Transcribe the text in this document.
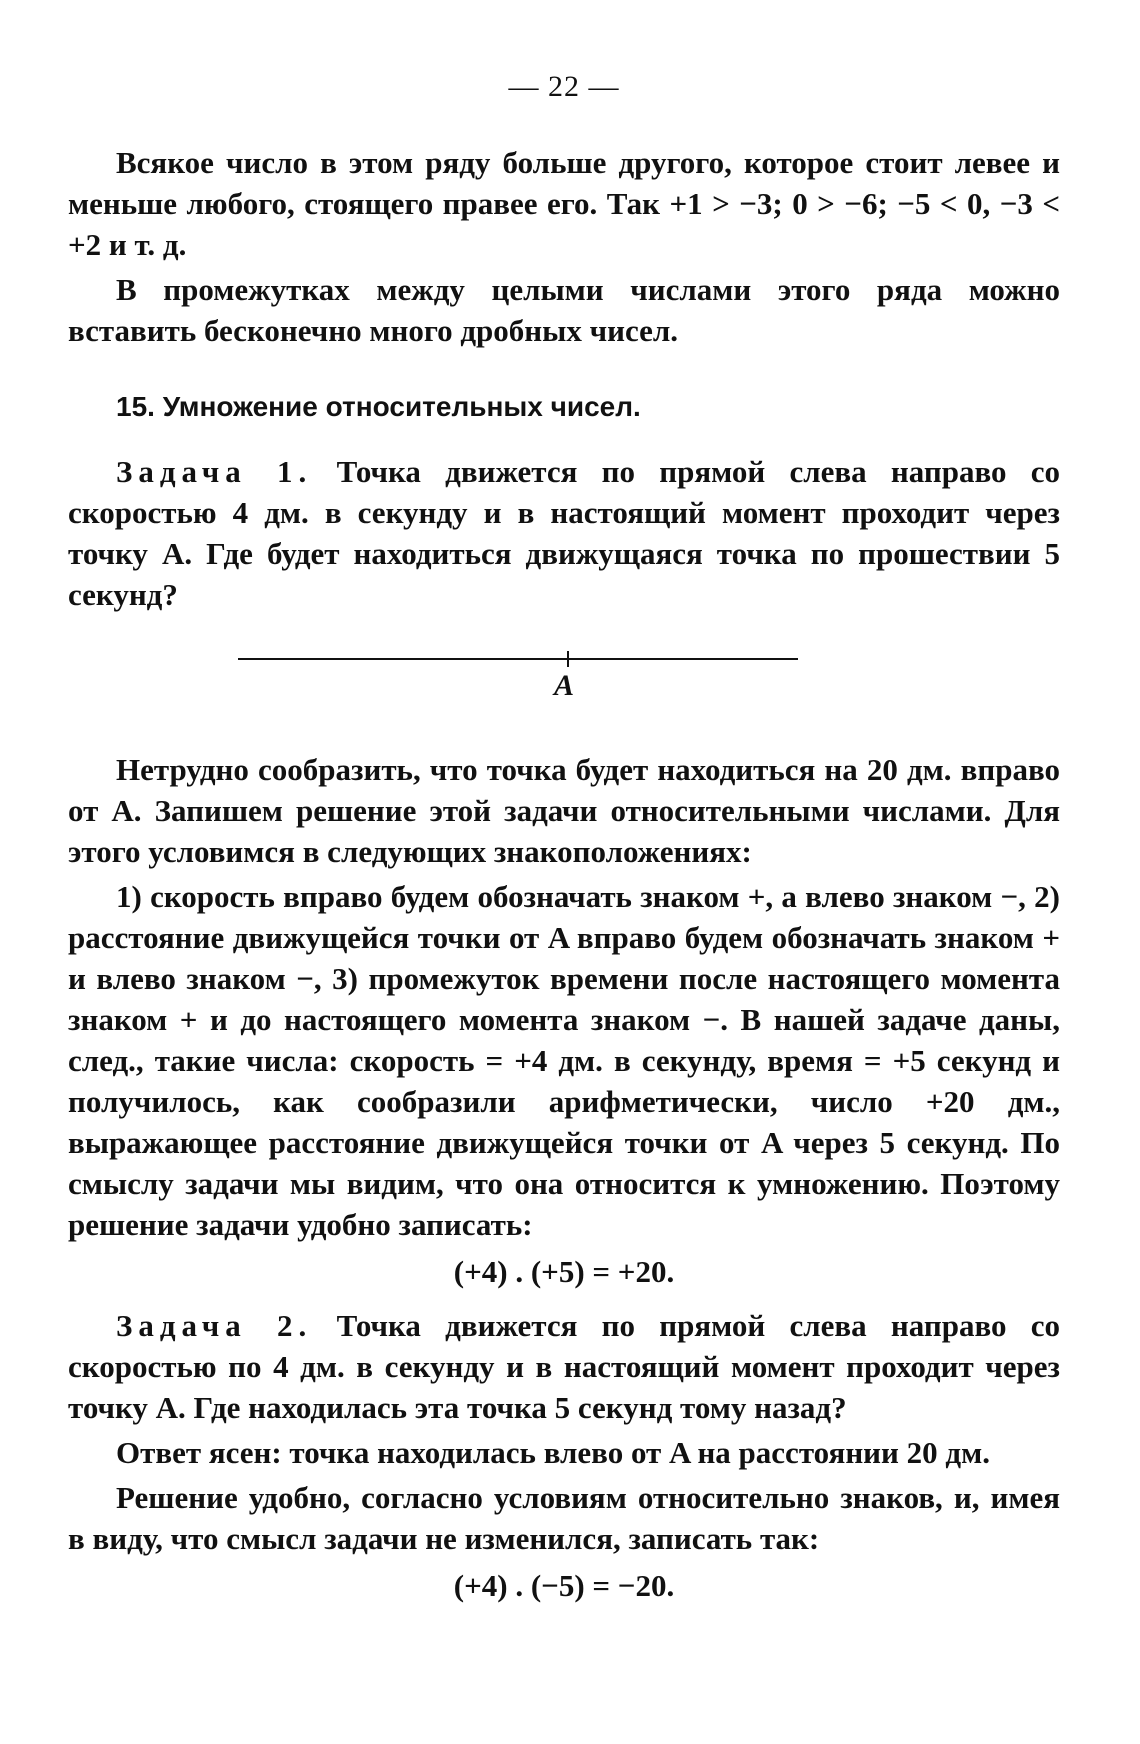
— 22 —

Всякое число в этом ряду больше другого, которое стоит левее и меньше любого, стоящего правее его. Так +1 > −3; 0 > −6; −5 < 0, −3 < +2 и т. д.

В промежутках между целыми числами этого ряда можно вставить бесконечно много дробных чисел.

15. Умножение относительных чисел.

Задача 1. Точка движется по прямой слева направо со скоростью 4 дм. в секунду и в настоящий момент проходит через точку A. Где будет находиться движущаяся точка по прошествии 5 секунд?

A

Нетрудно сообразить, что точка будет находиться на 20 дм. вправо от A. Запишем решение этой задачи относительными числами. Для этого условимся в следующих знакоположениях:

1) скорость вправо будем обозначать знаком +, а влево знаком −, 2) расстояние движущейся точки от A вправо будем обозначать знаком + и влево знаком −, 3) промежуток времени после настоящего момента знаком + и до настоящего момента знаком −. В нашей задаче даны, след., такие числа: скорость = +4 дм. в секунду, время = +5 секунд и получилось, как сообразили арифметически, число +20 дм., выражающее расстояние движущейся точки от A через 5 секунд. По смыслу задачи мы видим, что она относится к умножению. Поэтому решение задачи удобно записать:

(+4) . (+5) = +20.

Задача 2. Точка движется по прямой слева направо со скоростью по 4 дм. в секунду и в настоящий момент проходит через точку A. Где находилась эта точка 5 секунд тому назад?

Ответ ясен: точка находилась влево от A на расстоянии 20 дм.

Решение удобно, согласно условиям относительно знаков, и, имея в виду, что смысл задачи не изменился, записать так:

(+4) . (−5) = −20.
